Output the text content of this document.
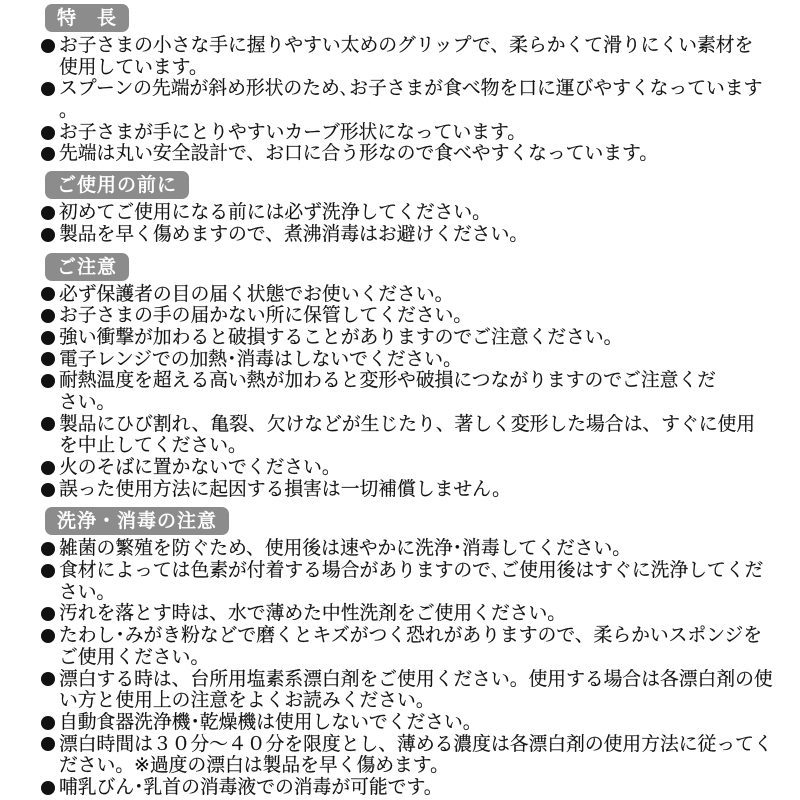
特　長
お子さまの小さな手に握りやすい太めのグリップで、柔らかくて滑りにくい素材を
使用しています。
スプーンの先端が斜め形状のため､お子さまが食べ物を口に運びやすくなっています
。
お子さまが手にとりやすいカーブ形状になっています。
先端は丸い安全設計で、お口に合う形なので食べやすくなっています。
ご使用の前に
初めてご使用になる前には必ず洗浄してください。
製品を早く傷めますので、煮沸消毒はお避けください。
ご注意
必ず保護者の目の届く状態でお使いください。
お子さまの手の届かない所に保管してください。
強い衝撃が加わると破損することがありますのでご注意ください。
電子レンジでの加熱･消毒はしないでください。
耐熱温度を超える高い熱が加わると変形や破損につながりますのでご注意くだ
さい。
製品にひび割れ、亀裂、欠けなどが生じたり、著しく変形した場合は、すぐに使用
を中止してください。
火のそばに置かないでください。
誤った使用方法に起因する損害は一切補償しません。
洗浄・消毒の注意
雑菌の繁殖を防ぐため、使用後は速やかに洗浄･消毒してください。
食材によっては色素が付着する場合がありますので､ご使用後はすぐに洗浄してくだ
さい。
汚れを落とす時は、水で薄めた中性洗剤をご使用ください。
たわし･みがき粉などで磨くとキズがつく恐れがありますので、柔らかいスポンジを
ご使用ください。
漂白する時は、台所用塩素系漂白剤をご使用ください。使用する場合は各漂白剤の使
い方と使用上の注意をよくお読みください。
自動食器洗浄機･乾燥機は使用しないでください。
漂白時間は３０分～４０分を限度とし、薄める濃度は各漂白剤の使用方法に従ってく
ださい。※過度の漂白は製品を早く傷めます。
哺乳びん･乳首の消毒液での消毒が可能です。
